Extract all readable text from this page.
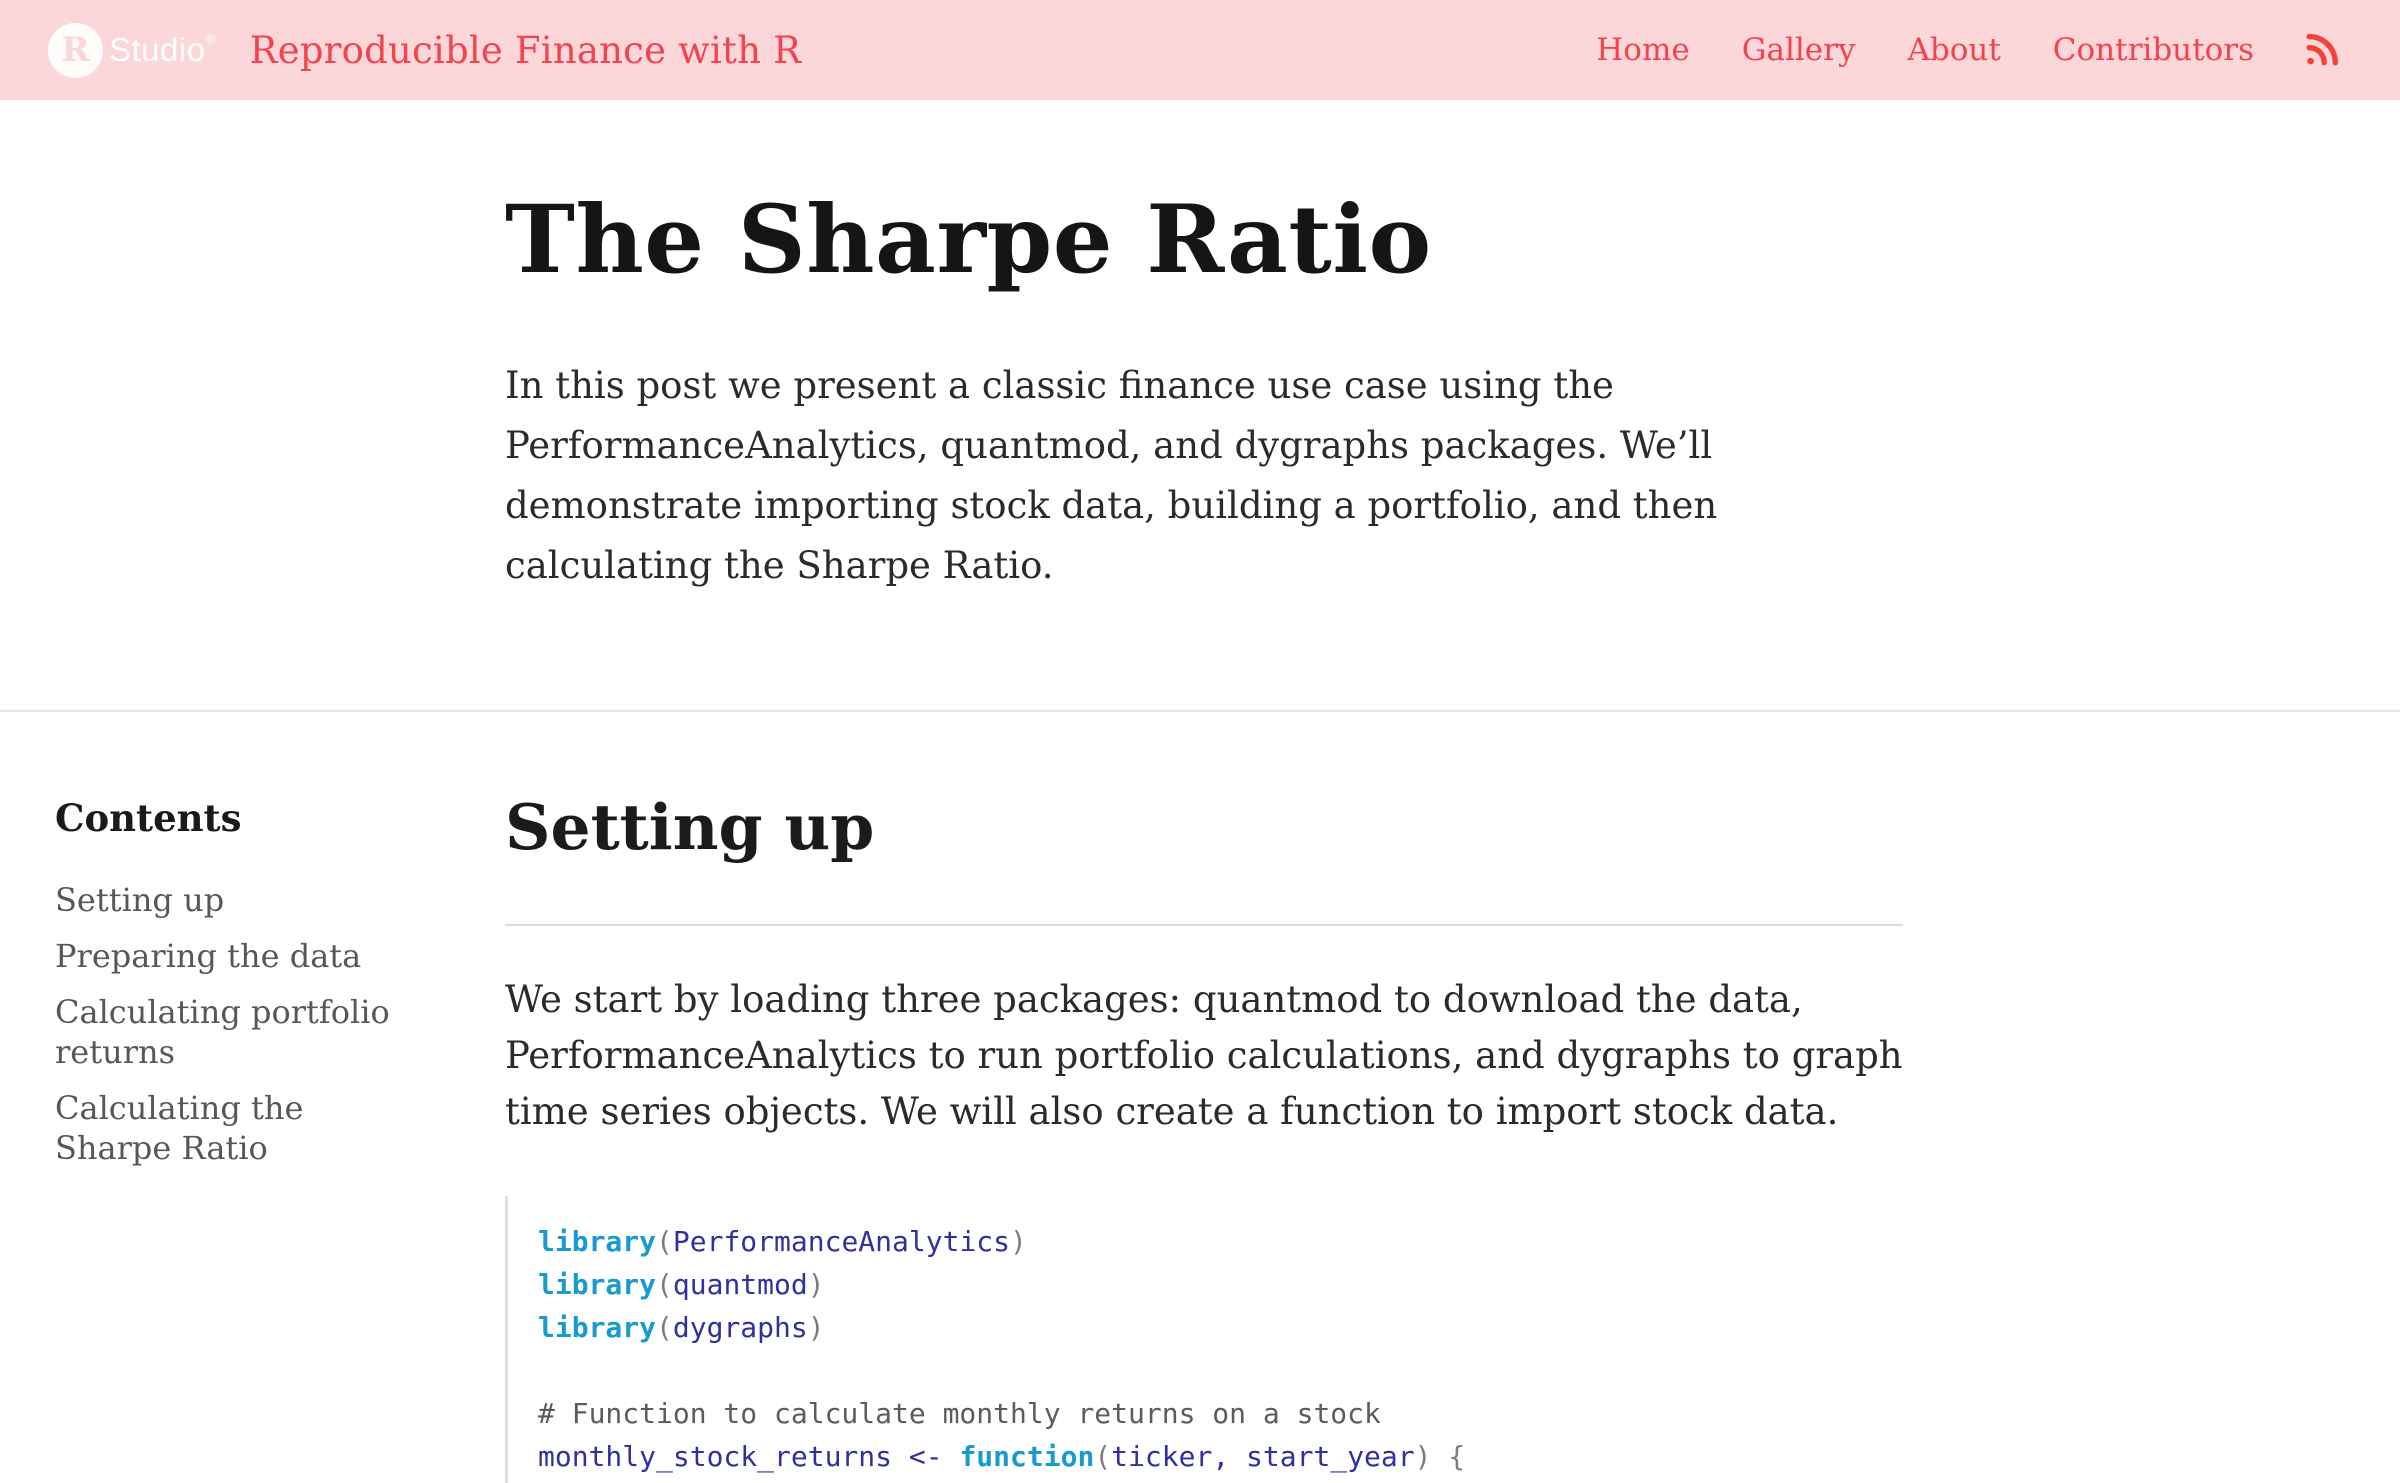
R Studio® Reproducible Finance with R	Home Gallery About Contributors
The Sharpe Ratio

In this post we present a classic finance use case using the PerformanceAnalytics, quantmod, and dygraphs packages. We’ll demonstrate importing stock data, building a portfolio, and then calculating the Sharpe Ratio.

Contents
Setting up
Preparing the data
Calculating portfolio returns
Calculating the Sharpe Ratio
Setting up

We start by loading three packages: quantmod to download the data, PerformanceAnalytics to run portfolio calculations, and dygraphs to graph time series objects. We will also create a function to import stock data.

library(PerformanceAnalytics)
library(quantmod)
library(dygraphs)

# Function to calculate monthly returns on a stock
monthly_stock_returns <- function(ticker, start_year) {
